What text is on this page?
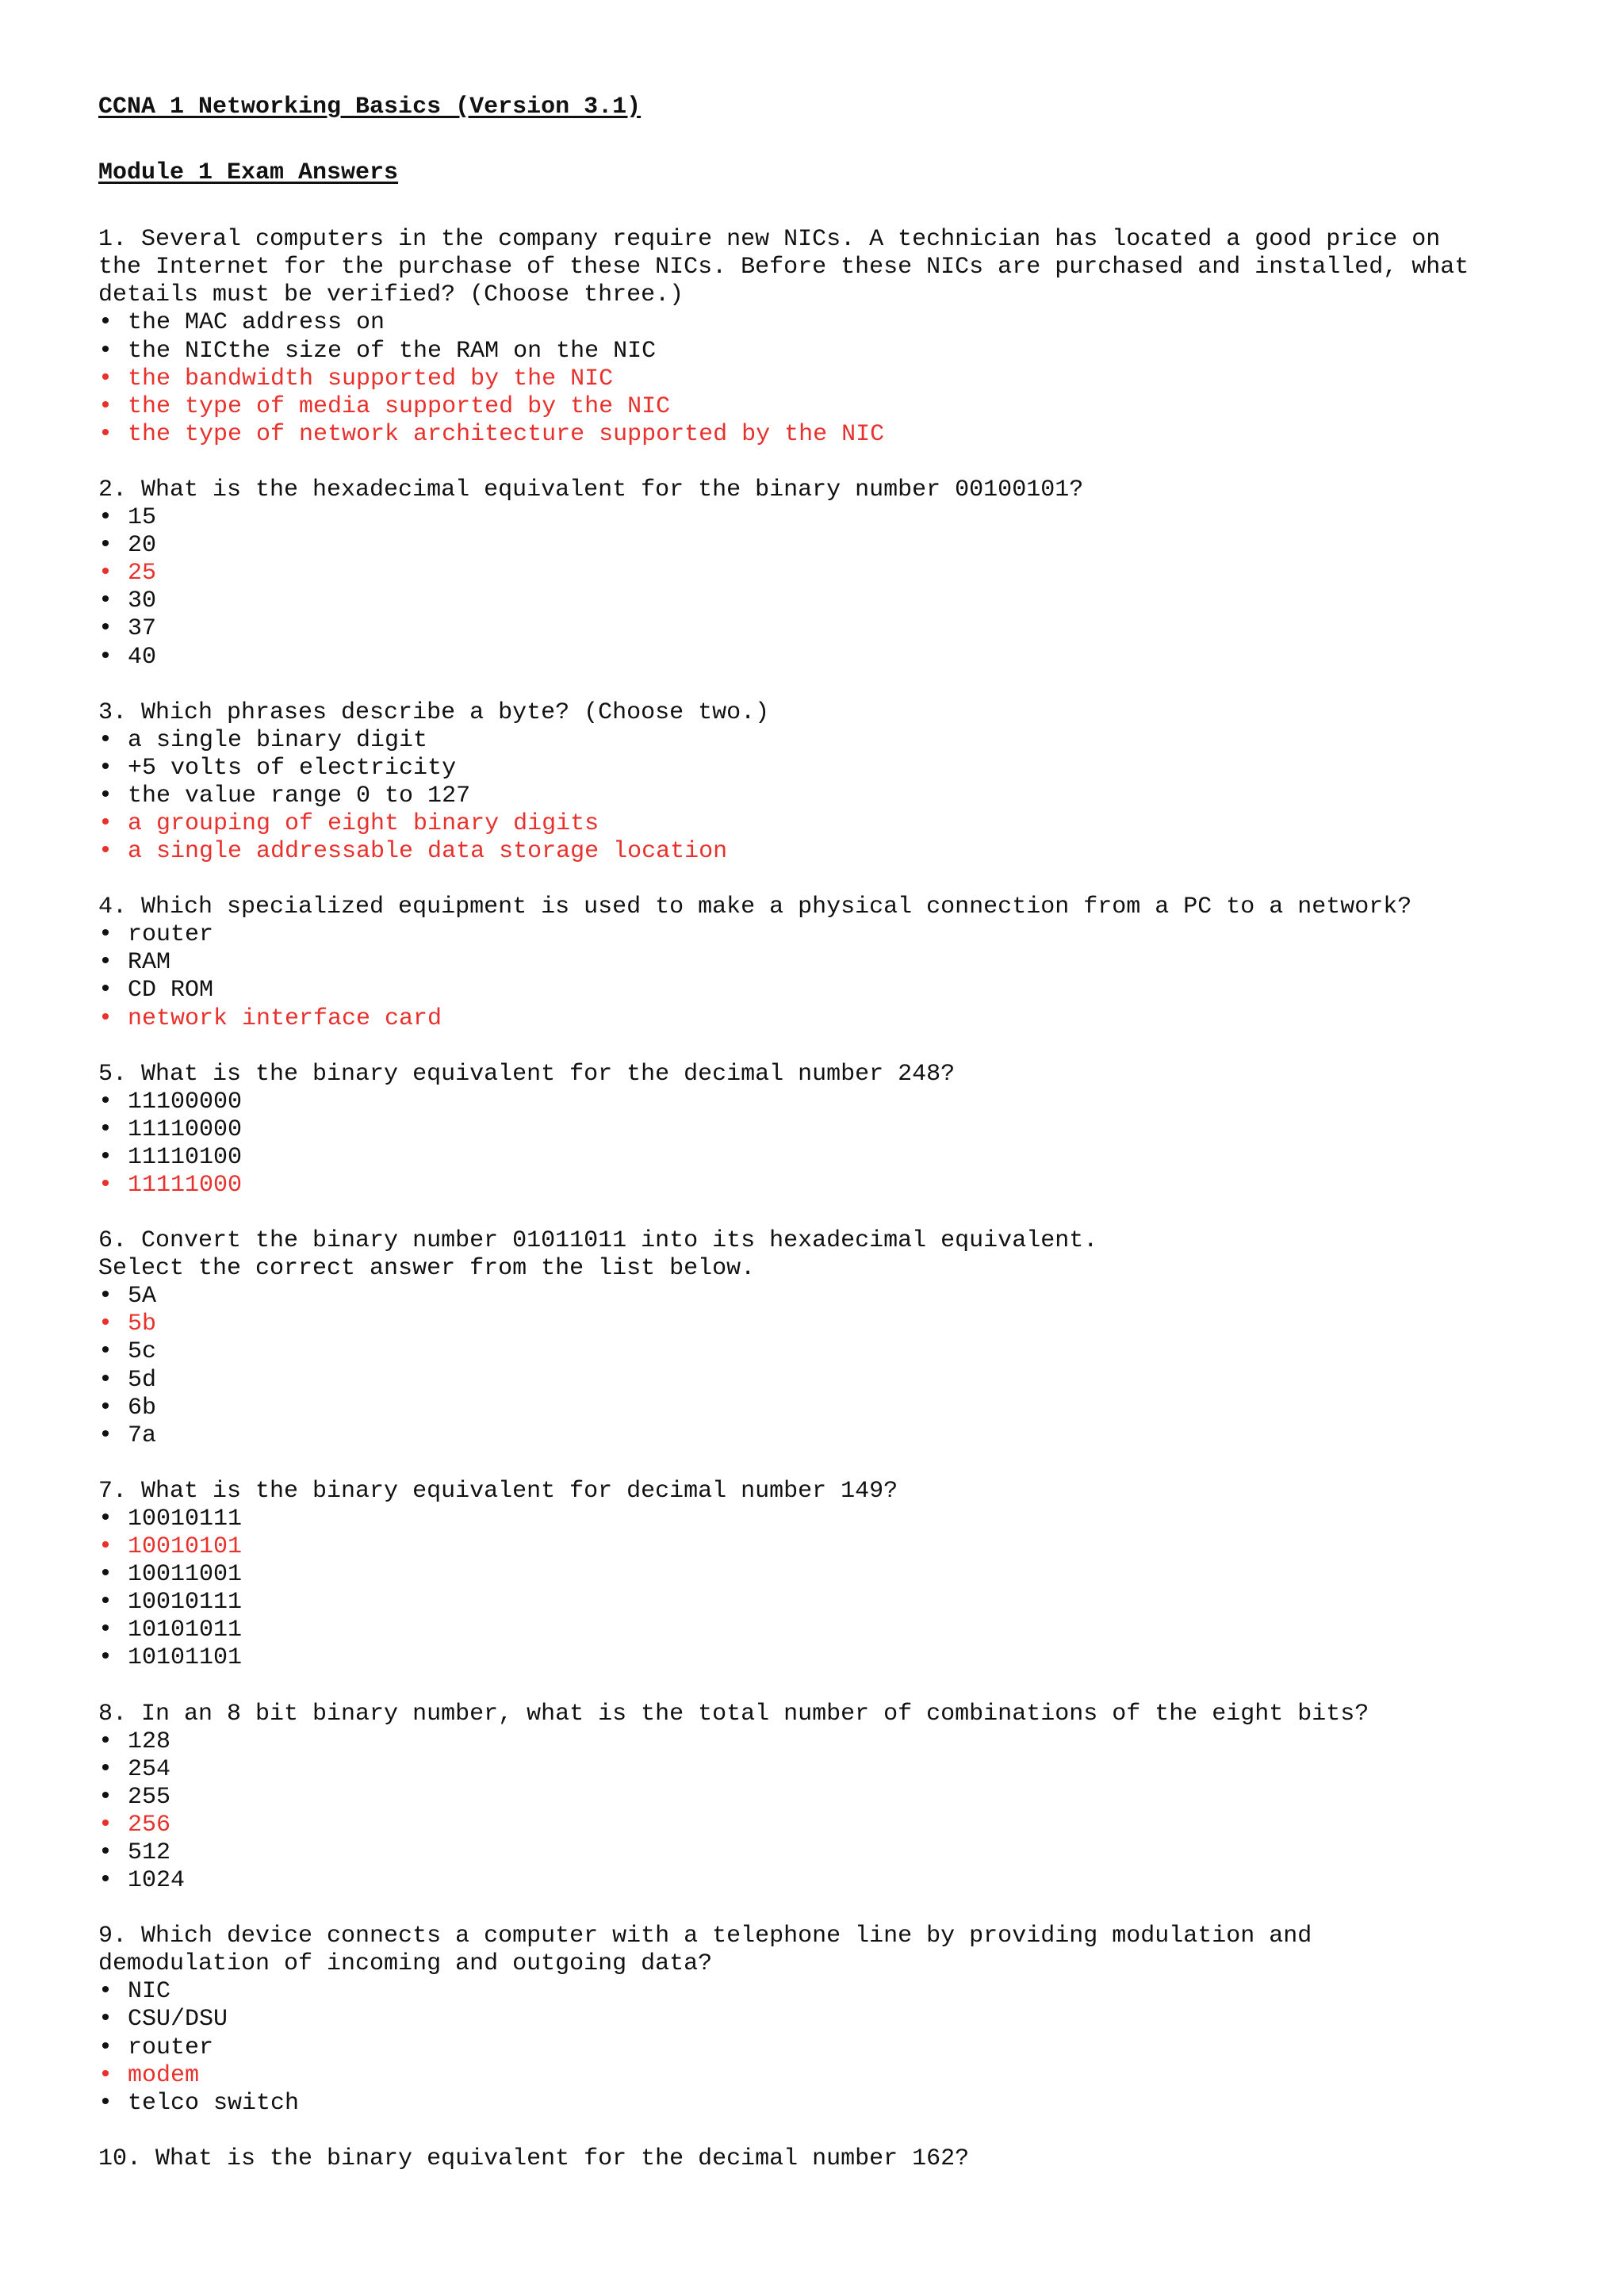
CCNA 1 Networking Basics (Version 3.1)

Module 1 Exam Answers

1. Several computers in the company require new NICs. A technician has located a good price on
the Internet for the purchase of these NICs. Before these NICs are purchased and installed, what
details must be verified? (Choose three.)

• the MAC address on
• the NICthe size of the RAM on the NIC
• the bandwidth supported by the NIC
• the type of media supported by the NIC
• the type of network architecture supported by the NIC

2. What is the hexadecimal equivalent for the binary number 00100101?

• 15
• 20
• 25
• 30
• 37
• 40

3. Which phrases describe a byte? (Choose two.)

• a single binary digit
• +5 volts of electricity
• the value range 0 to 127
• a grouping of eight binary digits
• a single addressable data storage location

4. Which specialized equipment is used to make a physical connection from a PC to a network?

• router
• RAM
• CD ROM
• network interface card

5. What is the binary equivalent for the decimal number 248?

• 11100000
• 11110000
• 11110100
• 11111000

6. Convert the binary number 01011011 into its hexadecimal equivalent.
Select the correct answer from the list below.

• 5A
• 5b
• 5c
• 5d
• 6b
• 7a

7. What is the binary equivalent for decimal number 149?

• 10010111
• 10010101
• 10011001
• 10010111
• 10101011
• 10101101

8. In an 8 bit binary number, what is the total number of combinations of the eight bits?

• 128
• 254
• 255
• 256
• 512
• 1024

9. Which device connects a computer with a telephone line by providing modulation and
demodulation of incoming and outgoing data?

• NIC
• CSU/DSU
• router
• modem
• telco switch

10. What is the binary equivalent for the decimal number 162?
